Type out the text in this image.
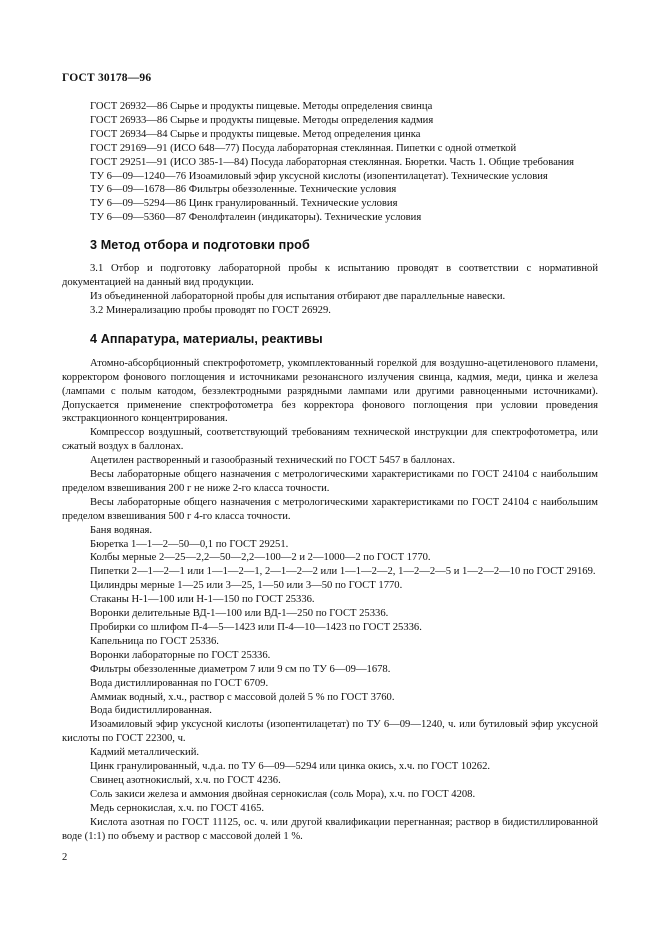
ГОСТ 30178—96

ГОСТ 26932—86 Сырье и продукты пищевые. Методы определения свинца

ГОСТ 26933—86 Сырье и продукты пищевые. Методы определения кадмия

ГОСТ 26934—84 Сырье и продукты пищевые. Метод определения цинка

ГОСТ 29169—91 (ИСО 648—77) Посуда лабораторная стеклянная. Пипетки с одной отметкой

ГОСТ 29251—91 (ИСО 385-1—84) Посуда лабораторная стеклянная. Бюретки. Часть 1. Общие требования

ТУ 6—09—1240—76 Изоамиловый эфир уксусной кислоты (изопентилацетат). Технические условия

ТУ 6—09—1678—86 Фильтры обеззоленные. Технические условия

ТУ 6—09—5294—86 Цинк гранулированный. Технические условия

ТУ 6—09—5360—87 Фенолфталеин (индикаторы). Технические условия

3 Метод отбора и подготовки проб

3.1 Отбор и подготовку лабораторной пробы к испытанию проводят в соответствии с нормативной документацией на данный вид продукции.

Из объединенной лабораторной пробы для испытания отбирают две параллельные навески.

3.2 Минерализацию пробы проводят по ГОСТ 26929.

4 Аппаратура, материалы, реактивы

Атомно-абсорбционный спектрофотометр, укомплектованный горелкой для воздушно-ацетиленового пламени, корректором фонового поглощения и источниками резонансного излучения свинца, кадмия, меди, цинка и железа (лампами с полым катодом, безэлектродными разрядными лампами или другими равноценными источниками). Допускается применение спектрофотометра без корректора фонового поглощения при условии проведения экстракционного концентрирования.

Компрессор воздушный, соответствующий требованиям технической инструкции для спектрофотометра, или сжатый воздух в баллонах.

Ацетилен растворенный и газообразный технический по ГОСТ 5457 в баллонах.

Весы лабораторные общего назначения с метрологическими характеристиками по ГОСТ 24104 с наибольшим пределом взвешивания 200 г не ниже 2-го класса точности.

Весы лабораторные общего назначения с метрологическими характеристиками по ГОСТ 24104 с наибольшим пределом взвешивания 500 г 4-го класса точности.

Баня водяная.

Бюретка 1—1—2—50—0,1 по ГОСТ 29251.

Колбы мерные 2—25—2,2—50—2,2—100—2 и 2—1000—2 по ГОСТ 1770.

Пипетки 2—1—2—1 или 1—1—2—1, 2—1—2—2 или 1—1—2—2, 1—2—2—5 и 1—2—2—10 по ГОСТ 29169.

Цилиндры мерные 1—25 или 3—25, 1—50 или 3—50 по ГОСТ 1770.

Стаканы Н-1—100 или Н-1—150 по ГОСТ 25336.

Воронки делительные ВД-1—100 или ВД-1—250 по ГОСТ 25336.

Пробирки со шлифом П-4—5—1423 или П-4—10—1423 по ГОСТ 25336.

Капельница по ГОСТ 25336.

Воронки лабораторные по ГОСТ 25336.

Фильтры обеззоленные диаметром 7 или 9 см по ТУ 6—09—1678.

Вода дистиллированная по ГОСТ 6709.

Аммиак водный, х.ч., раствор с массовой долей 5 % по ГОСТ 3760.

Вода бидистиллированная.

Изоамиловый эфир уксусной кислоты (изопентилацетат) по ТУ 6—09—1240, ч. или бутиловый эфир уксусной кислоты по ГОСТ 22300, ч.

Кадмий металлический.

Цинк гранулированный, ч.д.а. по ТУ 6—09—5294 или цинка окись, х.ч. по ГОСТ 10262.

Свинец азотнокислый, х.ч. по ГОСТ 4236.

Соль закиси железа и аммония двойная сернокислая (соль Мора), х.ч. по ГОСТ 4208.

Медь сернокислая, х.ч. по ГОСТ 4165.

Кислота азотная по ГОСТ 11125, ос. ч. или другой квалификации перегнанная; раствор в бидистиллированной воде (1:1) по объему и раствор с массовой долей 1 %.

2
